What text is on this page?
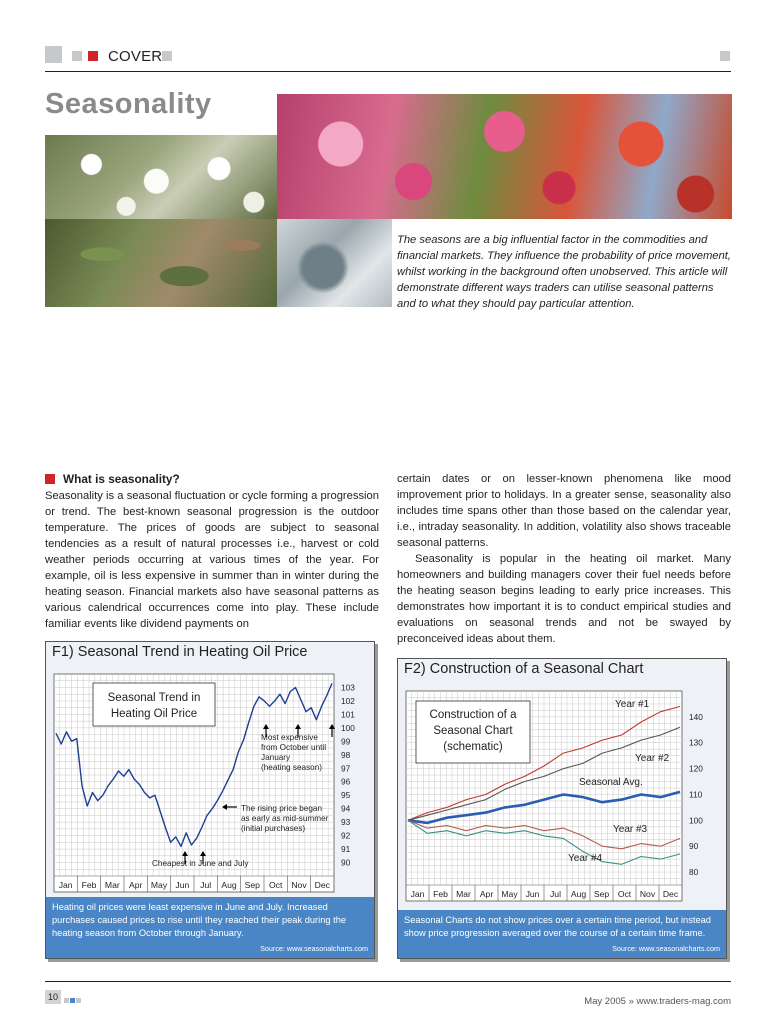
COVER
Seasonality
The seasons are a big influential factor in the commodities and financial markets. They influence the probability of price movement, whilst working in the background often unobserved. This article will demonstrate different ways traders can utilise seasonal patterns and to what they should pay particular attention.
What is seasonality?

Seasonality is a seasonal fluctuation or cycle forming a progression or trend. The best-known seasonal progression is the outdoor temperature. The prices of goods are subject to seasonal tendencies as a result of natural processes i.e., harvest or cold weather periods occurring at various times of the year. For example, oil is less expensive in summer than in winter during the heating season. Financial markets also have seasonal patterns as various calendrical occurrences come into play. These include familiar events like dividend payments on

certain dates or on lesser-known phenomena like mood improvement prior to holidays. In a greater sense, seasonality also includes time spans other than those based on the calendar year, i.e., intraday seasonality. In addition, volatility also shows traceable seasonal patterns.

Seasonality is popular in the heating oil market. Many homeowners and building managers cover their fuel needs before the heating season begins leading to early price increases. This demonstrates how important it is to conduct empirical studies and evaluations on seasonal trends and not be swayed by preconceived ideas about them.

F1) Seasonal Trend in Heating Oil Price
Jan Feb Mar Apr May Jun Jul Aug Sep Oct Nov Dec
90
91
92
93
94
95
96
97
98
99
100
101
102
103
Seasonal Trend in
Heating Oil Price
Most expensive
from October until
January
(heating season)
The rising price began
as early as mid-summer
(initial purchases)
Cheapest in June and July
Heating oil prices were least expensive in June and July. Increased purchases caused prices to rise until they reached their peak during the heating season from October through January.
Source: www.seasonalcharts.com
F2) Construction of a Seasonal Chart
Jan Feb Mar Apr May Jun Jul Aug Sep Oct Nov Dec
80
90
100
110
120
130
140
Construction of a
Seasonal Chart
(schematic)
Year #1
Year #2
Seasonal Avg.
Year #3
Year #4
Seasonal Charts do not show prices over a certain time period, but instead show price progression averaged over the course of a certain time frame.
Source: www.seasonalcharts.com
10	May 2005 » www.traders-mag.com
